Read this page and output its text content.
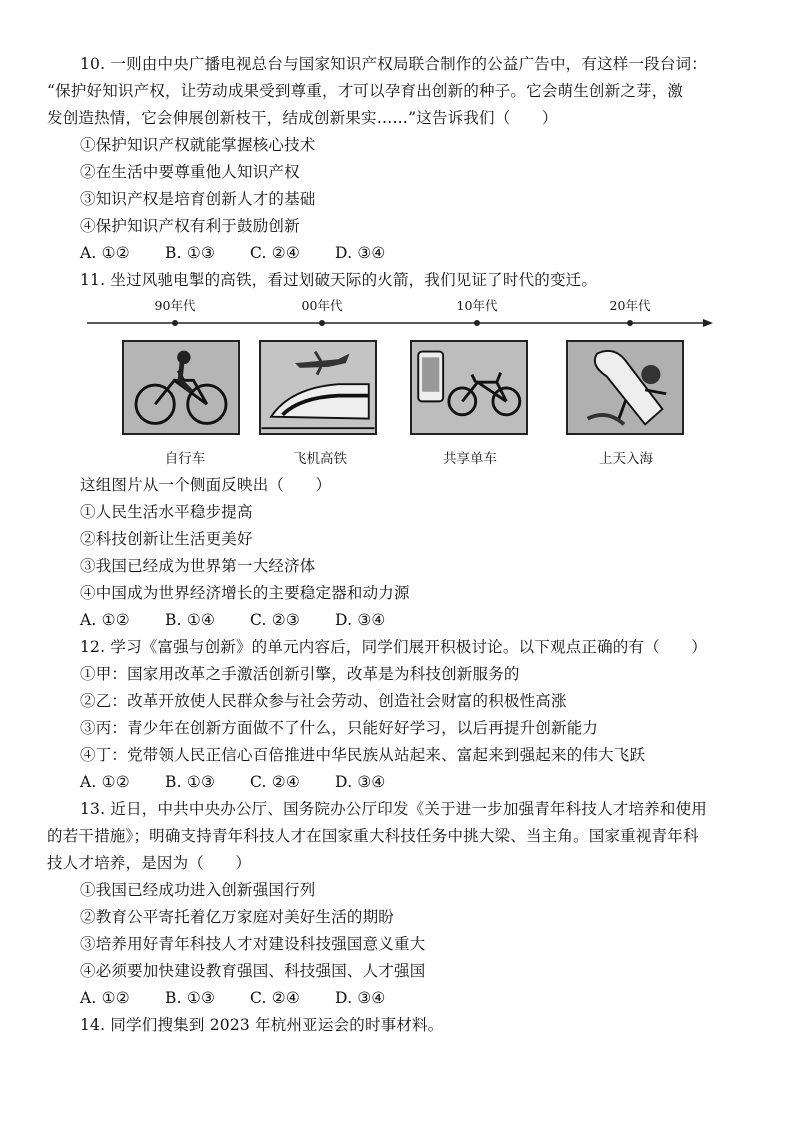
10. 一则由中央广播电视总台与国家知识产权局联合制作的公益广告中，有这样一段台词：
“保护好知识产权，让劳动成果受到尊重，才可以孕育出创新的种子。它会萌生创新之芽，激
发创造热情，它会伸展创新枝干，结成创新果实……”这告诉我们（　　）
①保护知识产权就能掌握核心技术
②在生活中要尊重他人知识产权
③知识产权是培育创新人才的基础
④保护知识产权有利于鼓励创新
A. ①② B. ①③ C. ②④ D. ③④
11. 坐过风驰电掣的高铁，看过划破天际的火箭，我们见证了时代的变迁。
90年代	00年代	10年代	20年代
自行车	飞机高铁	共享单车	上天入海
这组图片从一个侧面反映出（　　）
①人民生活水平稳步提高
②科技创新让生活更美好
③我国已经成为世界第一大经济体
④中国成为世界经济增长的主要稳定器和动力源
A. ①② B. ①④ C. ②③ D. ③④
12. 学习《富强与创新》的单元内容后，同学们展开积极讨论。以下观点正确的有（　　）
①甲：国家用改革之手激活创新引擎，改革是为科技创新服务的
②乙：改革开放使人民群众参与社会劳动、创造社会财富的积极性高涨
③丙：青少年在创新方面做不了什么，只能好好学习，以后再提升创新能力
④丁：党带领人民正信心百倍推进中华民族从站起来、富起来到强起来的伟大飞跃
A. ①② B. ①③ C. ②④ D. ③④
13. 近日，中共中央办公厅、国务院办公厅印发《关于进一步加强青年科技人才培养和使用
的若干措施》；明确支持青年科技人才在国家重大科技任务中挑大梁、当主角。国家重视青年科
技人才培养，是因为（　　）
①我国已经成功进入创新强国行列
②教育公平寄托着亿万家庭对美好生活的期盼
③培养用好青年科技人才对建设科技强国意义重大
④必须要加快建设教育强国、科技强国、人才强国
A. ①② B. ①③ C. ②④ D. ③④
14. 同学们搜集到 2023 年杭州亚运会的时事材料。
